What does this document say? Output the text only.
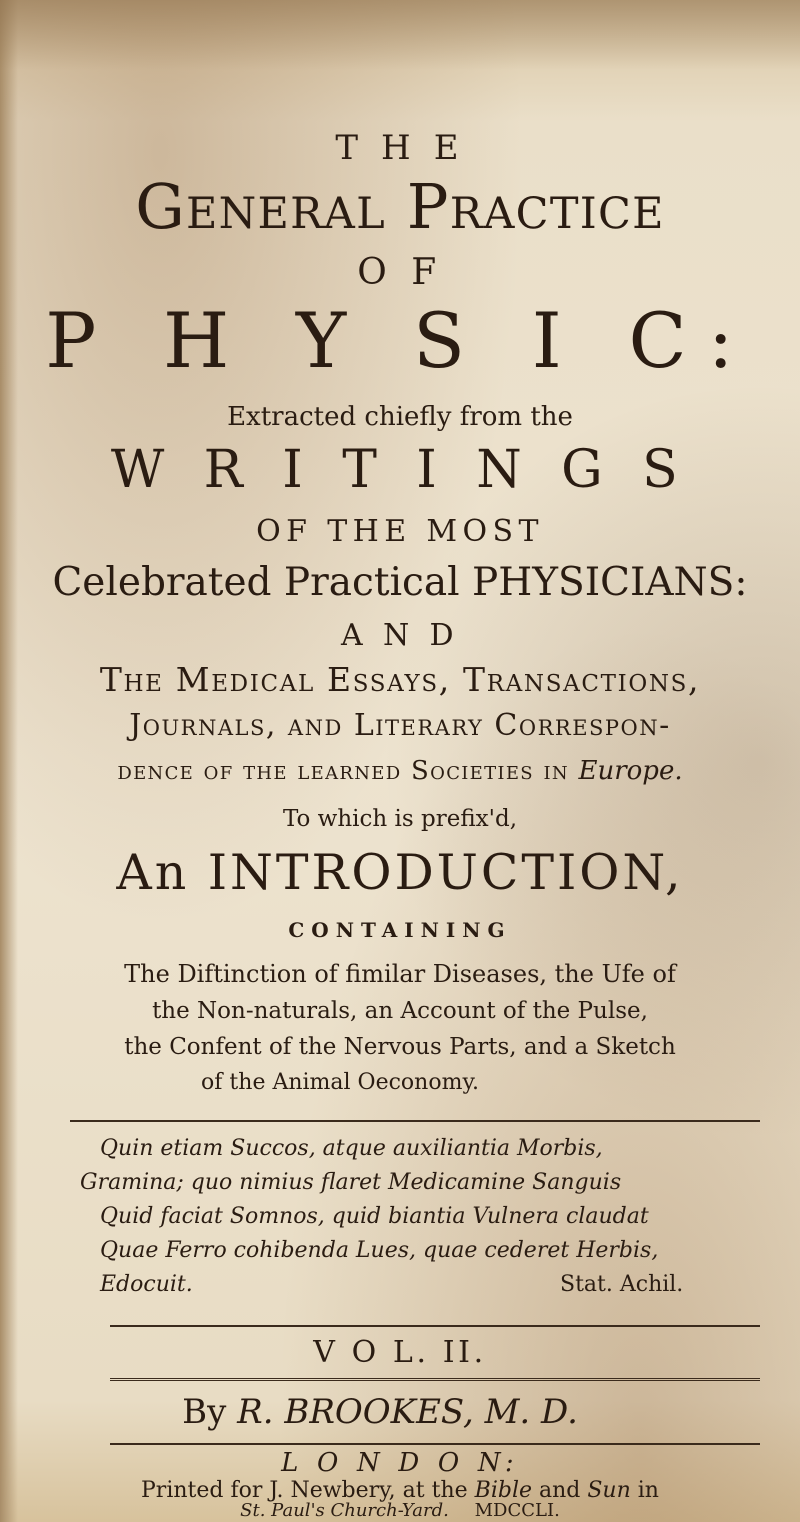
T H E
General Practice
O F
P H Y S I C:
Extracted chiefly from the
W R I T I N G S
OF THE MOST
Celebrated Practical PHYSICIANS:
A N D
The Medical Essays, Transactions,
Journals, and Literary Correspon-
dence of the learned Societies in Europe.
To which is prefix'd,
An INTRODUCTION,
CONTAINING
The Diftinction of fimilar Diseases, the Ufe of
the Non-naturals, an Account of the Pulse,
the Confent of the Nervous Parts, and a Sketch
of the Animal Oeconomy.
Quin etiam Succos, atque auxiliantia Morbis,
Gramina; quo nimius flaret Medicamine Sanguis
Quid faciat Somnos, quid biantia Vulnera claudat
Quae Ferro cohibenda Lues, quae cederet Herbis,
Edocuit.	Stat. Achil.
V O L. II.
By R. BROOKES, M. D.
L O N D O N:
Printed for J. Newbery, at the Bible and Sun in
St. Paul's Church-Yard. MDCCLI.
